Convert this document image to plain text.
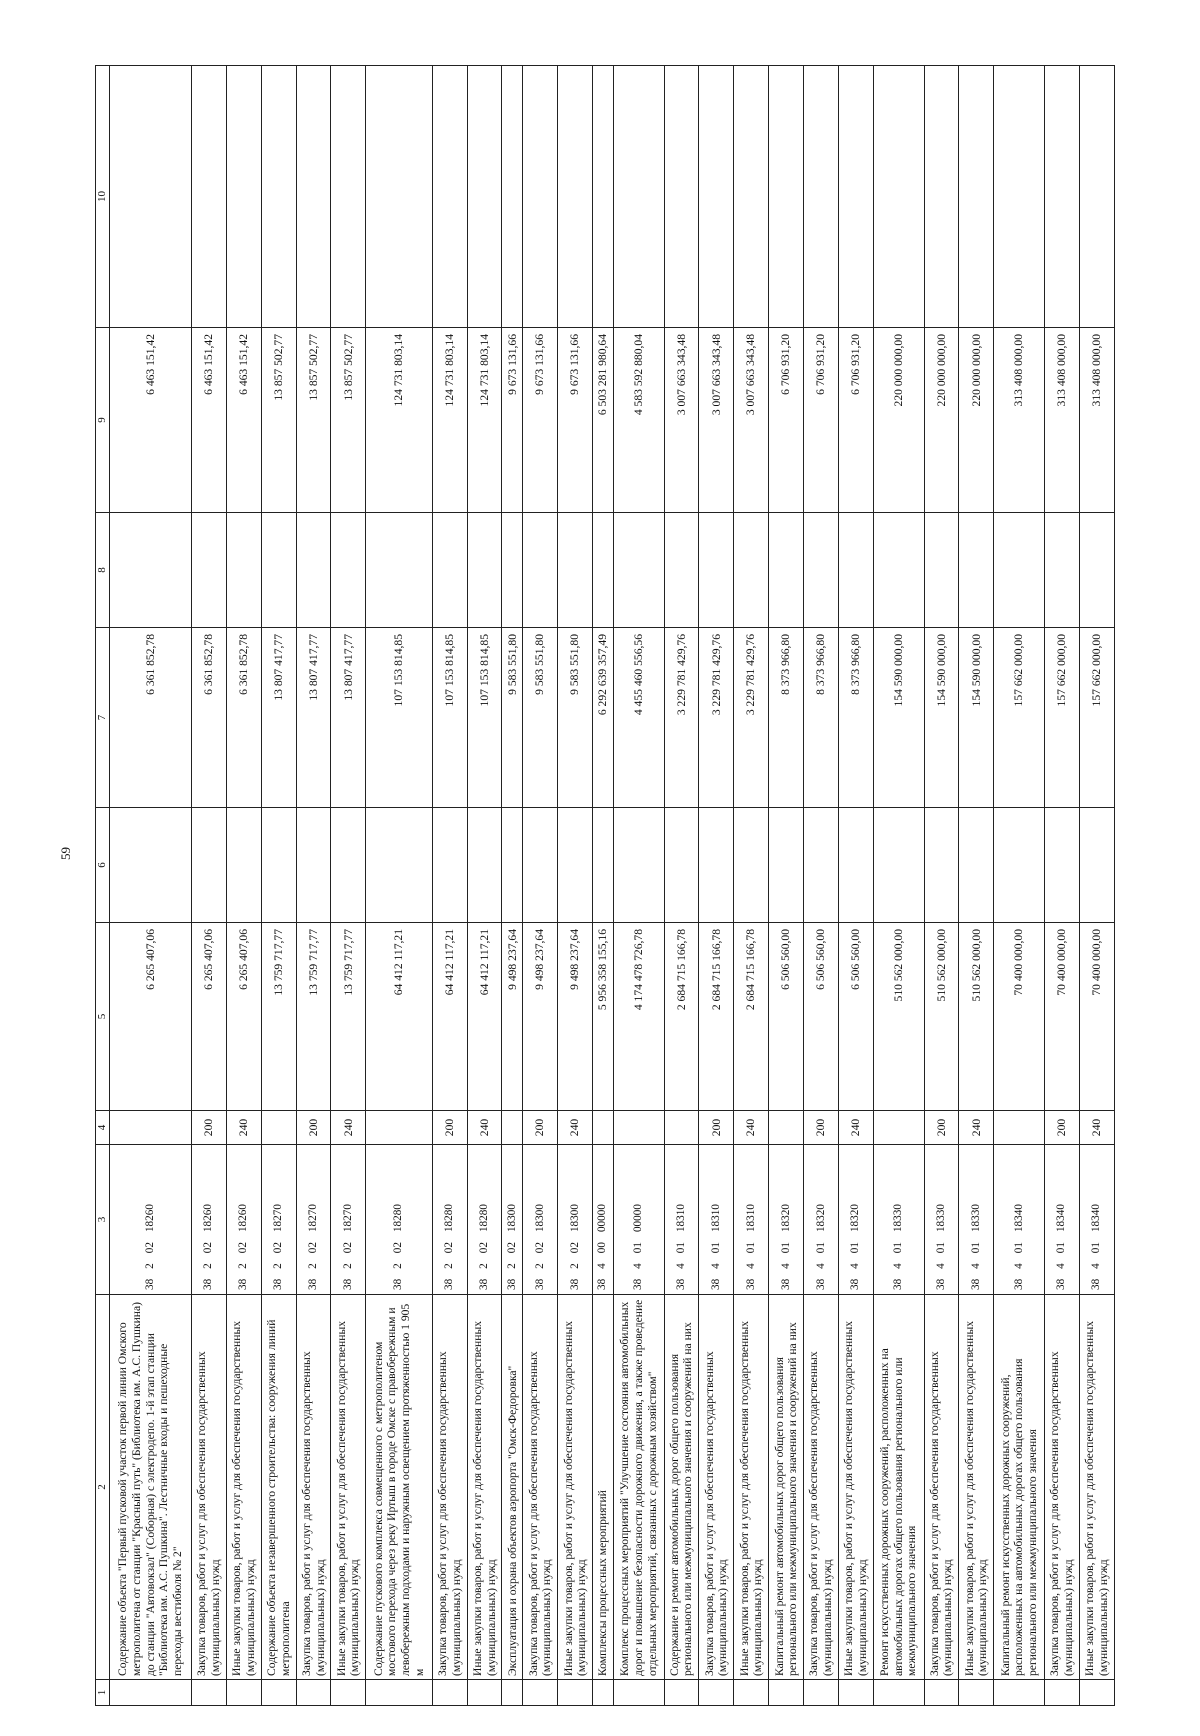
59
1	2	3	4	5	6	7	8	9	10
	Содержание объекта "Первый пусковой участок первой линии Омского метрополитена от станции "Красный путь" (Библиотека им. А.С. Пушкина) до станции "Автовокзал" (Соборная) с электродепо. 1-й этап станции "Библиотека им. А.С. Пушкина". Лестничные входы и пешеходные переходы вестибюля № 2"	3820218260		6 265 407,06		6 361 852,78		6 463 151,42	
	Закупка товаров, работ и услуг для обеспечения государственных (муниципальных) нужд	3820218260	200	6 265 407,06		6 361 852,78		6 463 151,42	
	Иные закупки товаров, работ и услуг для обеспечения государственных (муниципальных) нужд	3820218260	240	6 265 407,06		6 361 852,78		6 463 151,42	
	Содержание объекта незавершенного строительства: сооружения линий метрополитена	3820218270		13 759 717,77		13 807 417,77		13 857 502,77	
	Закупка товаров, работ и услуг для обеспечения государственных (муниципальных) нужд	3820218270	200	13 759 717,77		13 807 417,77		13 857 502,77	
	Иные закупки товаров, работ и услуг для обеспечения государственных (муниципальных) нужд	3820218270	240	13 759 717,77		13 807 417,77		13 857 502,77	
	Содержание пускового комплекса совмещенного с метрополитеном мостового перехода через реку Иртыш в городе Омске с правобережным и левобережным подходами и наружным освещением протяженностью 1 905 м	3820218280		64 412 117,21		107 153 814,85		124 731 803,14	
	Закупка товаров, работ и услуг для обеспечения государственных (муниципальных) нужд	3820218280	200	64 412 117,21		107 153 814,85		124 731 803,14	
	Иные закупки товаров, работ и услуг для обеспечения государственных (муниципальных) нужд	3820218280	240	64 412 117,21		107 153 814,85		124 731 803,14	
	Эксплуатация и охрана объектов аэропорта "Омск-Федоровка"	3820218300		9 498 237,64		9 583 551,80		9 673 131,66	
	Закупка товаров, работ и услуг для обеспечения государственных (муниципальных) нужд	3820218300	200	9 498 237,64		9 583 551,80		9 673 131,66	
	Иные закупки товаров, работ и услуг для обеспечения государственных (муниципальных) нужд	3820218300	240	9 498 237,64		9 583 551,80		9 673 131,66	
	Комплексы процессных мероприятий	3840000000		5 956 358 155,16		6 292 639 357,49		6 503 281 980,64	
	Комплекс процессных мероприятий "Улучшение состояния автомобильных дорог и повышение безопасности дорожного движения, а также проведение отдельных мероприятий, связанных с дорожным хозяйством"	3840100000		4 174 478 726,78		4 455 460 556,56		4 583 592 880,04	
	Содержание и ремонт автомобильных дорог общего пользования регионального или межмуниципального значения и сооружений на них	3840118310		2 684 715 166,78		3 229 781 429,76		3 007 663 343,48	
	Закупка товаров, работ и услуг для обеспечения государственных (муниципальных) нужд	3840118310	200	2 684 715 166,78		3 229 781 429,76		3 007 663 343,48	
	Иные закупки товаров, работ и услуг для обеспечения государственных (муниципальных) нужд	3840118310	240	2 684 715 166,78		3 229 781 429,76		3 007 663 343,48	
	Капитальный ремонт автомобильных дорог общего пользования регионального или межмуниципального значения и сооружений на них	3840118320		6 506 560,00		8 373 966,80		6 706 931,20	
	Закупка товаров, работ и услуг для обеспечения государственных (муниципальных) нужд	3840118320	200	6 506 560,00		8 373 966,80		6 706 931,20	
	Иные закупки товаров, работ и услуг для обеспечения государственных (муниципальных) нужд	3840118320	240	6 506 560,00		8 373 966,80		6 706 931,20	
	Ремонт искусственных дорожных сооружений, расположенных на автомобильных дорогах общего пользования регионального или межмуниципального значения	3840118330		510 562 000,00		154 590 000,00		220 000 000,00	
	Закупка товаров, работ и услуг для обеспечения государственных (муниципальных) нужд	3840118330	200	510 562 000,00		154 590 000,00		220 000 000,00	
	Иные закупки товаров, работ и услуг для обеспечения государственных (муниципальных) нужд	3840118330	240	510 562 000,00		154 590 000,00		220 000 000,00	
	Капитальный ремонт искусственных дорожных сооружений, расположенных на автомобильных дорогах общего пользования регионального или межмуниципального значения	3840118340		70 400 000,00		157 662 000,00		313 408 000,00	
	Закупка товаров, работ и услуг для обеспечения государственных (муниципальных) нужд	3840118340	200	70 400 000,00		157 662 000,00		313 408 000,00	
	Иные закупки товаров, работ и услуг для обеспечения государственных (муниципальных) нужд	3840118340	240	70 400 000,00		157 662 000,00		313 408 000,00	
